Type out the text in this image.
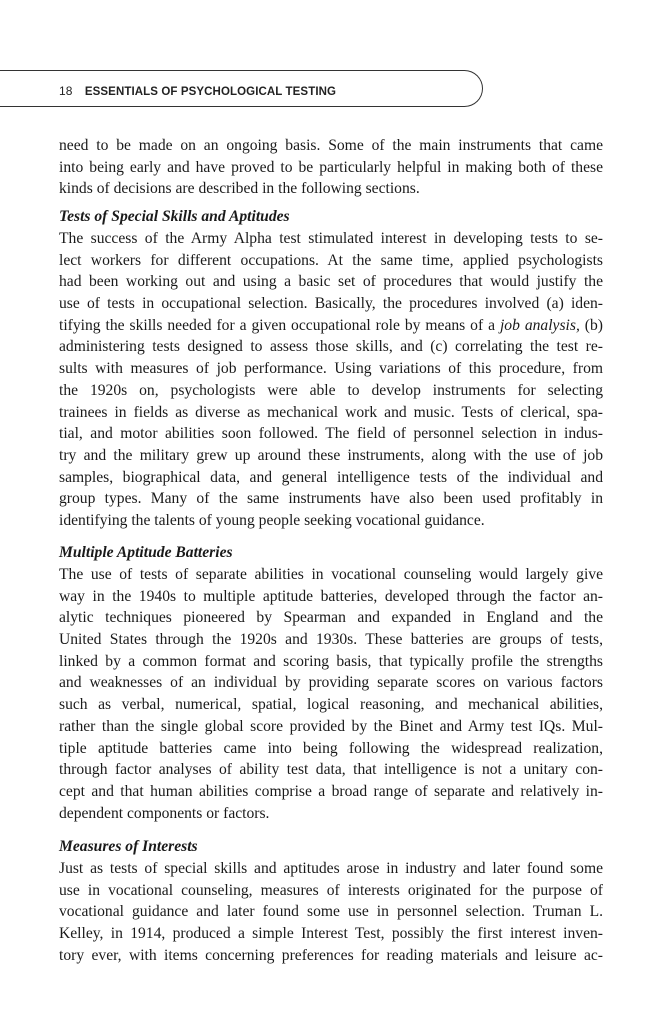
18 ESSENTIALS OF PSYCHOLOGICAL TESTING
need to be made on an ongoing basis. Some of the main instruments that came
into being early and have proved to be particularly helpful in making both of these
kinds of decisions are described in the following sections.
Tests of Special Skills and Aptitudes
The success of the Army Alpha test stimulated interest in developing tests to se-
lect workers for different occupations. At the same time, applied psychologists
had been working out and using a basic set of procedures that would justify the
use of tests in occupational selection. Basically, the procedures involved (a) iden-
tifying the skills needed for a given occupational role by means of a job analysis, (b)
administering tests designed to assess those skills, and (c) correlating the test re-
sults with measures of job performance. Using variations of this procedure, from
the 1920s on, psychologists were able to develop instruments for selecting
trainees in fields as diverse as mechanical work and music. Tests of clerical, spa-
tial, and motor abilities soon followed. The field of personnel selection in indus-
try and the military grew up around these instruments, along with the use of job
samples, biographical data, and general intelligence tests of the individual and
group types. Many of the same instruments have also been used profitably in
identifying the talents of young people seeking vocational guidance.
Multiple Aptitude Batteries
The use of tests of separate abilities in vocational counseling would largely give
way in the 1940s to multiple aptitude batteries, developed through the factor an-
alytic techniques pioneered by Spearman and expanded in England and the
United States through the 1920s and 1930s. These batteries are groups of tests,
linked by a common format and scoring basis, that typically profile the strengths
and weaknesses of an individual by providing separate scores on various factors
such as verbal, numerical, spatial, logical reasoning, and mechanical abilities,
rather than the single global score provided by the Binet and Army test IQs. Mul-
tiple aptitude batteries came into being following the widespread realization,
through factor analyses of ability test data, that intelligence is not a unitary con-
cept and that human abilities comprise a broad range of separate and relatively in-
dependent components or factors.
Measures of Interests
Just as tests of special skills and aptitudes arose in industry and later found some
use in vocational counseling, measures of interests originated for the purpose of
vocational guidance and later found some use in personnel selection. Truman L.
Kelley, in 1914, produced a simple Interest Test, possibly the first interest inven-
tory ever, with items concerning preferences for reading materials and leisure ac-
